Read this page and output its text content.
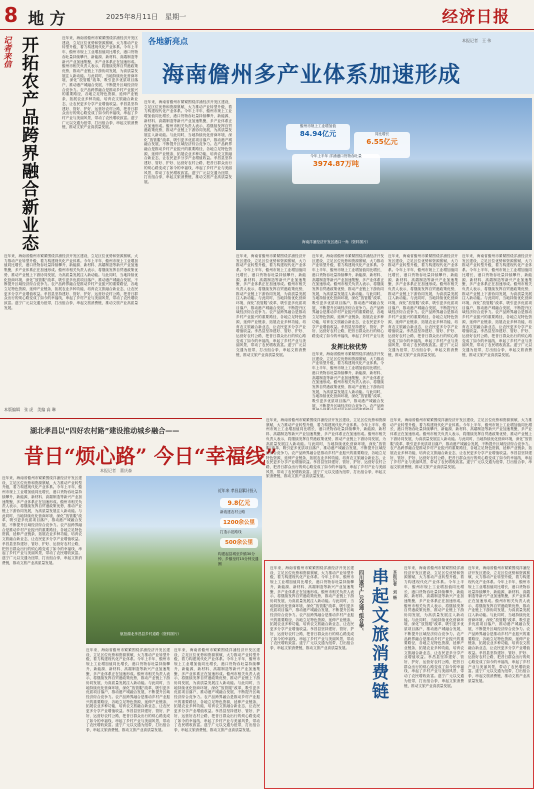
8 地 方	2025年8月11日　星期一	经济日报
记者来信 开拓农产品跨界融合新业态	近年来，海南省儋州市紧紧围绕洋浦经济开发区建设，立足区位优势和资源禀赋，大力推动产业转型升级，着力构建现代化产业体系。今年上半年，儋州市规上工业增加值同比增长，港口货物吞吐量持续攀升，新能源、新材料、高端制造等新兴产业加速集聚，多产业体系正在加速形成。儋州市相关负责人表示，将继续发挥自贸港政策优势，推动产业链上下游协同发展，为高质量发展注入新动能。与此同时，当地持续优化营商环境，深化“放管服”改革，吸引更多优质项目落户，推动港产城融合发展，不断提升区域经济综合竞争力。农产品跨界融合是推动乡村产业振兴的重要路径，各地立足特色资源，延伸产业链条，拓展农业多种功能，培育农文旅融合新业态，让农民更多分享产业增值收益。孝昌县坚持建好、管好、护好、运营好农村公路，把昔日群众出行的烦心路变成了如今的幸福线，串起了乡村产业与美丽风景，带动了农民增收致富。遂宁广元以交通为纽带，打出组合拳，串起文旅消费链，推动文旅产业高质量发展。
近年来，海南省儋州市紧紧围绕洋浦经济开发区建设，立足区位优势和资源禀赋，大力推动产业转型升级，着力构建现代化产业体系。今年上半年，儋州市规上工业增加值同比增长，港口货物吞吐量持续攀升，新能源、新材料、高端制造等新兴产业加速集聚，多产业体系正在加速形成。儋州市相关负责人表示，将继续发挥自贸港政策优势，推动产业链上下游协同发展，为高质量发展注入新动能。与此同时，当地持续优化营商环境，深化“放管服”改革，吸引更多优质项目落户，推动港产城融合发展，不断提升区域经济综合竞争力。农产品跨界融合是推动乡村产业振兴的重要路径，各地立足特色资源，延伸产业链条，拓展农业多种功能，培育农文旅融合新业态，让农民更多分享产业增值收益。孝昌县坚持建好、管好、护好、运营好农村公路，把昔日群众出行的烦心路变成了如今的幸福线，串起了乡村产业与美丽风景，带动了农民增收致富。遂宁广元以交通为纽带，打出组合拳，串起文旅消费链，推动文旅产业高质量发展。
本版编辑　张 虎　美编 高 琳
各地新亮点	本报记者　王 伟
海南儋州多产业体系加速形成
近年来，海南省儋州市紧紧围绕洋浦经济开发区建设，立足区位优势和资源禀赋，大力推动产业转型升级，着力构建现代化产业体系。今年上半年，儋州市规上工业增加值同比增长，港口货物吞吐量持续攀升，新能源、新材料、高端制造等新兴产业加速集聚，多产业体系正在加速形成。儋州市相关负责人表示，将继续发挥自贸港政策优势，推动产业链上下游协同发展，为高质量发展注入新动能。与此同时，当地持续优化营商环境，深化“放管服”改革，吸引更多优质项目落户，推动港产城融合发展，不断提升区域经济综合竞争力。农产品跨界融合是推动乡村产业振兴的重要路径，各地立足特色资源，延伸产业链条，拓展农业多种功能，培育农文旅融合新业态，让农民更多分享产业增值收益。孝昌县坚持建好、管好、护好、运营好农村公路，把昔日群众出行的烦心路变成了如今的幸福线，串起了乡村产业与美丽风景，带动了农民增收致富。遂宁广元以交通为纽带，打出组合拳，串起文旅消费链，推动文旅产业高质量发展。
儋州市规上工业增加值
84.94亿元	同比增长
6.55亿元
今年上半年 洋浦港口货物吞吐量
3974.87万吨
海南洋浦经济开发区港口一角（资料图片）
近年来，海南省儋州市紧紧围绕洋浦经济开发区建设，立足区位优势和资源禀赋，大力推动产业转型升级，着力构建现代化产业体系。今年上半年，儋州市规上工业增加值同比增长，港口货物吞吐量持续攀升，新能源、新材料、高端制造等新兴产业加速集聚，多产业体系正在加速形成。儋州市相关负责人表示，将继续发挥自贸港政策优势，推动产业链上下游协同发展，为高质量发展注入新动能。与此同时，当地持续优化营商环境，深化“放管服”改革，吸引更多优质项目落户，推动港产城融合发展，不断提升区域经济综合竞争力。农产品跨界融合是推动乡村产业振兴的重要路径，各地立足特色资源，延伸产业链条，拓展农业多种功能，培育农文旅融合新业态，让农民更多分享产业增值收益。孝昌县坚持建好、管好、护好、运营好农村公路，把昔日群众出行的烦心路变成了如今的幸福线，串起了乡村产业与美丽风景，带动了农民增收致富。遂宁广元以交通为纽带，打出组合拳，串起文旅消费链，推动文旅产业高质量发展。
发挥比较优势
近年来，海南省儋州市紧紧围绕洋浦经济开发区建设，立足区位优势和资源禀赋，大力推动产业转型升级，着力构建现代化产业体系。今年上半年，儋州市规上工业增加值同比增长，港口货物吞吐量持续攀升，新能源、新材料、高端制造等新兴产业加速集聚，多产业体系正在加速形成。儋州市相关负责人表示，将继续发挥自贸港政策优势，推动产业链上下游协同发展，为高质量发展注入新动能。与此同时，当地持续优化营商环境，深化“放管服”改革，吸引更多优质项目落户，推动港产城融合发展，不断提升区域经济综合竞争力。农产品跨界融合是推动乡村产业振兴的重要路径，各地立足特色资源，延伸产业链条，拓展农业多种功能，培育农文旅融合新业态，让农民更多分享产业增值收益。孝昌县坚持建好、管好、护好、运营好农村公路，把昔日群众出行的烦心路变成了如今的幸福线，串起了乡村产业与美
近年来，海南省儋州市紧紧围绕洋浦经济开发区建设，立足区位优势和资源禀赋，大力推动产业转型升级，着力构建现代化产业体系。今年上半年，儋州市规上工业增加值同比增长，港口货物吞吐量持续攀升，新能源、新材料、高端制造等新兴产业加速集聚，多产业体系正在加速形成。儋州市相关负责人表示，将继续发挥自贸港政策优势，推动产业链上下游协同发展，为高质量发展注入新动能。与此同时，当地持续优化营商环境，深化“放管服”改革，吸引更多优质项目落户，推动港产城融合发展，不断提升区域经济综合竞争力。农产品跨
近年来，海南省儋州市紧紧围绕洋浦经济开发区建设，立足区位优势和资源禀赋，大力推动产业转型升级，着力构建现代化产业体系。今年上半年，儋州市规上工业增加值同比增长，港口货物吞吐量持续攀升，新能源、新材料、高端制造等新兴产业加速集聚，多产业体系正在加速形成。儋州市相关负责人表示，将继续发挥自贸港政策优势，推动产业链上下游协同发展，为高质量发展注入新动能。与此同时，当地持续优化营商环境，深化“放管服”改革，吸引更多优质项目落户，推动港产城融合发展，不断提升区域经济综合竞争力。农产品跨界融合是推动乡村产业振兴的重要路径，各地立足特色资源，延伸产业链条，拓展农业多种功能，培育农文旅融合新业态，让农民更多分享产业增值收益。孝昌县坚持建好、管好、护好、运营好农村公路，把昔日群众出行的烦心路变成了如今的幸福线，串起了乡村产业与美丽风景，带动了农民增收致富。遂宁广元以交通为纽带，打出组合拳，串起文旅消费链，推动文旅产业高质量发展。
近年来，海南省儋州市紧紧围绕洋浦经济开发区建设，立足区位优势和资源禀赋，大力推动产业转型升级，着力构建现代化产业体系。今年上半年，儋州市规上工业增加值同比增长，港口货物吞吐量持续攀升，新能源、新材料、高端制造等新兴产业加速集聚，多产业体系正在加速形成。儋州市相关负责人表示，将继续发挥自贸港政策优势，推动产业链上下游协同发展，为高质量发展注入新动能。与此同时，当地持续优化营商环境，深化“放管服”改革，吸引更多优质项目落户，推动港产城融合发展，不断提升区域经济综合竞争力。农产品跨界融合是推动乡村产业振兴的重要路径，各地立足特色资源，延伸产业链条，拓展农业多种功能，培育农文旅融合新业态，让农民更多分享产业增值收益。孝昌县坚持建好、管好、护好、运营好农村公路，把昔日群众出行的烦心路变成了如今的幸福线，串起了乡村产业与美丽风景，带动了农民增收致富。遂宁广元以交通为纽带，打出组合拳，串起文旅消费链，推动文旅产业高质量发展。
湖北孝昌以“四好农村路”建设推动城乡融合——
昔日“烦心路” 今日“幸福线”
本报记者　董庆森
近年来，海南省儋州市紧紧围绕洋浦经济开发区建设，立足区位优势和资源禀赋，大力推动产业转型升级，着力构建现代化产业体系。今年上半年，儋州市规上工业增加值同比增长，港口货物吞吐量持续攀升，新能源、新材料、高端制造等新兴产业加速集聚，多产业体系正在加速形成。儋州市相关负责人表示，将继续发挥自贸港政策优势，推动产业链上下游协同发展，为高质量发展注入新动能。与此同时，当地持续优化营商环境，深化“放管服”改革，吸引更多优质项目落户，推动港产城融合发展，不断提升区域经济综合竞争力。农产品跨界融合是推动乡村产业振兴的重要路径，各地立足特色资源，延伸产业链条，拓展农业多种功能，培育农文旅融合新业态，让农民更多分享产业增值收益。孝昌县坚持建好、管好、护好、运营好农村公路，把昔日群众出行的烦心路变成了如今的幸福线，串起了乡村产业与美丽风景，带动了农民增收致富。遂宁广元以交通为纽带，打出组合拳，串起文旅消费链，推动文旅产业高质量发展。
近年来 孝昌县累计投入
9.8亿元
新改建农村公路
1200余公里
打造示范路线
500余公里
构建起县城至乡镇30分钟、乡镇至村15分钟交通圈
航拍湖北孝昌县乡村道路（资料图片）
近年来，海南省儋州市紧紧围绕洋浦经济开发区建设，立足区位优势和资源禀赋，大力推动产业转型升级，着力构建现代化产业体系。今年上半年，儋州市规上工业增加值同比增长，港口货物吞吐量持续攀升，新能源、新材料、高端制造等新兴产业加速集聚，多产业体系正在加速形成。儋州市相关负责人表示，将继续发挥自贸港政策优势，推动产业链上下游协同发展，为高质量发展注入新动能。与此同时，当地持续优化营商环境，深化“放管服”改革，吸引更多优质项目落户，推动港产城融合发展，不断提升区域经济综合竞争力。农产品跨界融合是推动乡村产业振兴的重要路径，各地立足特色资源，延伸产业链条，拓展农业多种功能，培育农文旅融合新业态，让农民更多分享产业增值收益。孝昌县坚持建好、管好、护好、运营好农村公路，把昔日群众出行的烦心路变成了如今的幸福线，串起了乡村产业与美丽风景，带动了农民增收致富。遂宁广元以交通为纽带，打出组合拳，串起文旅消费链，推动文旅产业高质量发展。
近年来，海南省儋州市紧紧围绕洋浦经济开发区建设，立足区位优势和资源禀赋，大力推动产业转型升级，着力构建现代化产业体系。今年上半年，儋州市规上工业增加值同比增长，港口货物吞吐量持续攀升，新能源、新材料、高端制造等新兴产业加速集聚，多产业体系正在加速形成。儋州市相关负责人表示，将继续发挥自贸港政策优势，推动产业链上下游协同发展，为高质量发展注入新动能。与此同时，当地持续优化营商环境，深化“放管服”改革，吸引更多优质项目落户，推动港产城融合发展，不断提升区域经济综合竞争力。农产品跨界融合是推动乡村产业振兴的重要路径，各地立足特色资源，延伸产业链条，拓展农业多种功能，培育农文旅融合新业态，让农民更多分享产业增值收益。孝昌县坚持建好、管好、护好、运营好农村公路，把昔日群众出行的烦心路变成了如今的幸福线，串起了乡村产业与美丽风景，带动了农民增收致富。遂宁广元以交通为纽带，打出组合拳，串起文旅消费链，推动文旅产业高质量发展。
近年来，海南省儋州市紧紧围绕洋浦经济开发区建设，立足区位优势和资源禀赋，大力推动产业转型升级，着力构建现代化产业体系。今年上半年，儋州市规上工业增加值同比增长，港口货物吞吐量持续攀升，新能源、新材料、高端制造等新兴产业加速集聚，多产业体系正在加速形成。儋州市相关负责人表示，将继续发挥自贸港政策优势，推动产业链上下游协同发展，为高质量发展注入新动能。与此同时，当地持续优化营商环境，深化“放管服”改革，吸引更多优质项目落户，推动港产城融合发展，不断提升区域经济综合竞争力。农产品跨界融合是推动乡村产业振兴的重要路径，各地立足特色资源，延伸产业链条，拓展农业多种功能，培育农文旅融合新业态，让农民更多分享产业增值收益。孝昌县坚持建好、管好、护好、运营好农村公路，把昔日群众出行的烦心路变成了如今的幸福线，串起了乡村产业与美丽风景，带动了农民增收致富。遂宁广元以交通为纽带，打出组合拳，串起文旅消费链，推动文旅产业高质量发展。
近年来，海南省儋州市紧紧围绕洋浦经济开发区建设，立足区位优势和资源禀赋，大力推动产业转型升级，着力构建现代化产业体系。今年上半年，儋州市规上工业增加值同比增长，港口货物吞吐量持续攀升，新能源、新材料、高端制造等新兴产业加速集聚，多产业体系正在加速形成。儋州市相关负责人表示，将继续发挥自贸港政策优势，推动产业链上下游协同发展，为高质量发展注入新动能。与此同时，当地持续优化营商环境，深化“放管服”改革，吸引更多优质项目落户，推动港产城融合发展，不断提升区域经济综合竞争力。农产品跨界融合是推动乡村产业振兴的重要路径，各地立足特色资源，延伸产业链条，拓展农业多种功能，培育农文旅融合新业态，让农民更多分享产业增值收益。孝昌县坚持建好、管好、护好、运营好农村公路，把昔日群众出行的烦心路变成了如今的幸福线，串起了乡村产业与美丽风景，带动了农民增收致富。遂宁广元以交通为纽带，打出组合拳，串起文旅消费链，推动文旅产业高质量发展。
近年来，海南省儋州市紧紧围绕洋浦经济开发区建设，立足区位优势和资源禀赋，大力推动产业转型升级，着力构建现代化产业体系。今年上半年，儋州市规上工业增加值同比增长，港口货物吞吐量持续攀升，新能源、新材料、高端制造等新兴产业加速集聚，多产业体系正在加速形成。儋州市相关负责人表示，将继续发挥自贸港政策优势，推动产业链上下游协同发展，为高质量发展注入新动能。与此同时，当地持续优化营商环境，深化“放管服”改革，吸引更多优质项目落户，推动港产城融合发展，不断提升区域经济综合竞争力。农产品跨界融合是推动乡村产业振兴的重要路径，各地立足特色资源，延伸产业链条，拓展农业多种功能，培育农文旅融合新业态，让农民更多分享产业增值收益。孝昌县坚持建好、管好、护好、运营好农村公路，把昔日群众出行的烦心路变成了如今的幸福线，串起了乡村产业与美丽风景，带动了农民增收致富。遂宁广元以交通为纽带，打出组合拳，串起文旅消费链，推动文旅产业高质量发展。
四川遂宁广元交通“组合拳” 串起文旅消费链 本报记者　刘 畅
近年来，海南省儋州市紧紧围绕洋浦经济开发区建设，立足区位优势和资源禀赋，大力推动产业转型升级，着力构建现代化产业体系。今年上半年，儋州市规上工业增加值同比增长，港口货物吞吐量持续攀升，新能源、新材料、高端制造等新兴产业加速集聚，多产业体系正在加速形成。儋州市相关负责人表示，将继续发挥自贸港政策优势，推动产业链上下游协同发展，为高质量发展注入新动能。与此同时，当地持续优化营商环境，深化“放管服”改革，吸引更多优质项目落户，推动港产城融合发展，不断提升区域经济综合竞争力。农产品跨界融合是推动乡村产业振兴的重要路径，各地立足特色资源，延伸产业链条，拓展农业多种功能，培育农文旅融合新业态，让农民更多分享产业增值收益。孝昌县坚持建好、管好、护好、运营好农村公路，把昔日群众出行的烦心路变成了如今的幸福线，串起了乡村产业与美丽风景，带动了农民增收致富。遂宁广元以交通为纽带，打出组合拳，串起文旅消费链，推动文旅产业高质量发展。
近年来，海南省儋州市紧紧围绕洋浦经济开发区建设，立足区位优势和资源禀赋，大力推动产业转型升级，着力构建现代化产业体系。今年上半年，儋州市规上工业增加值同比增长，港口货物吞吐量持续攀升，新能源、新材料、高端制造等新兴产业加速集聚，多产业体系正在加速形成。儋州市相关负责人表示，将继续发挥自贸港政策优势，推动产业链上下游协同发展，为高质量发展注入新动能。与此同时，当地持续优化营商环境，深化“放管服”改革，吸引更多优质项目落户，推动港产城融合发展，不断提升区域经济综合竞争力。农产品跨界融合是推动乡村产业振兴的重要路径，各地立足特色资源，延伸产业链条，拓展农业多种功能，培育农文旅融合新业态，让农民更多分享产业增值收益。孝昌县坚持建好、管好、护好、运营好农村公路，把昔日群众出行的烦心路变成了如今的幸福线，串起了乡村产业与美丽风景，带动了农民增收致富。遂宁广元以交通为纽带，打出组合拳，串起文旅消费链，推动文旅产业高质量发展。
